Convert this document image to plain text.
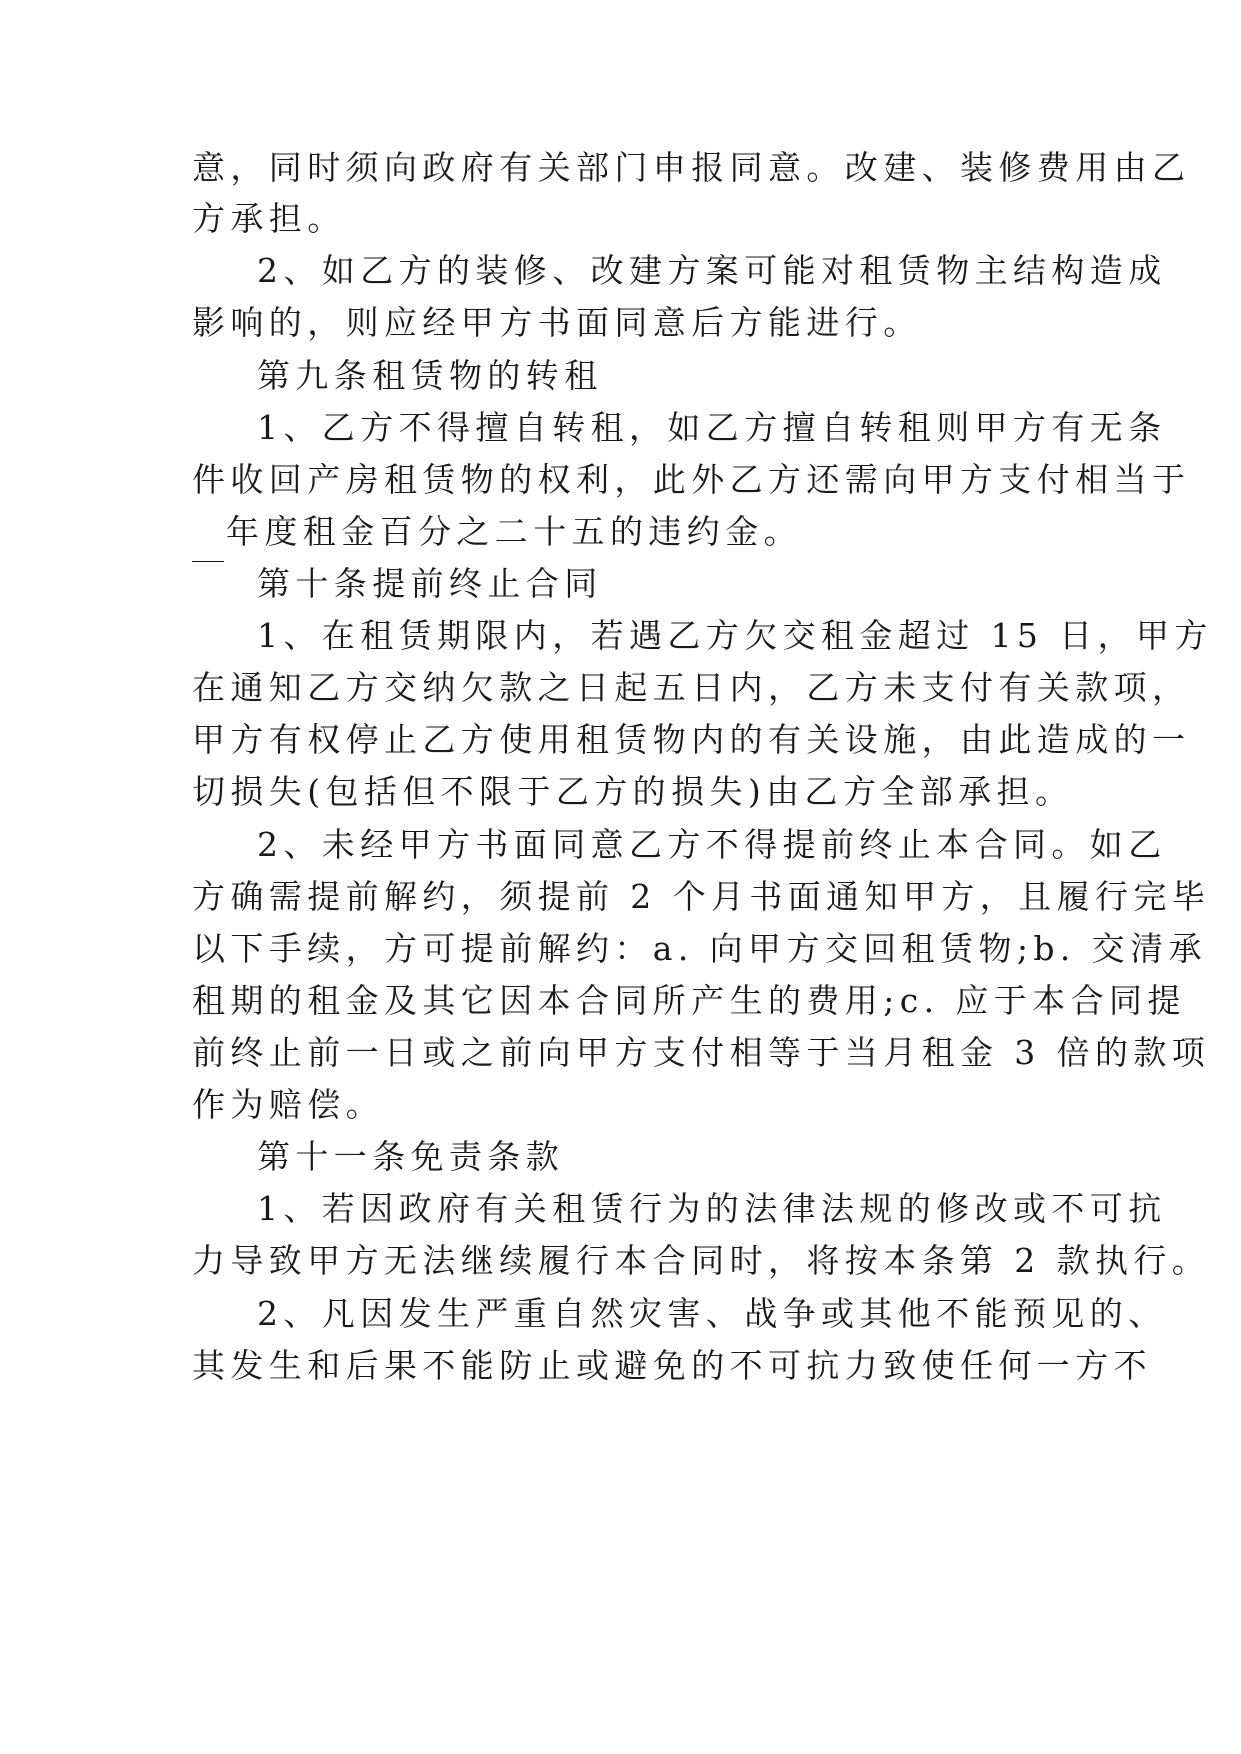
意，同时须向政府有关部门申报同意。改建、装修费用由乙
方承担。
2、如乙方的装修、改建方案可能对租赁物主结构造成
影响的，则应经甲方书面同意后方能进行。
第九条租赁物的转租
1、乙方不得擅自转租，如乙方擅自转租则甲方有无条
件收回产房租赁物的权利，此外乙方还需向甲方支付相当于
年度租金百分之二十五的违约金。
第十条提前终止合同
1、在租赁期限内，若遇乙方欠交租金超过 15 日，甲方
在通知乙方交纳欠款之日起五日内，乙方未支付有关款项，
甲方有权停止乙方使用租赁物内的有关设施，由此造成的一
切损失(包括但不限于乙方的损失)由乙方全部承担。
2、未经甲方书面同意乙方不得提前终止本合同。如乙
方确需提前解约，须提前 2 个月书面通知甲方，且履行完毕
以下手续，方可提前解约：a. 向甲方交回租赁物;b. 交清承
租期的租金及其它因本合同所产生的费用;c. 应于本合同提
前终止前一日或之前向甲方支付相等于当月租金 3 倍的款项
作为赔偿。
第十一条免责条款
1、若因政府有关租赁行为的法律法规的修改或不可抗
力导致甲方无法继续履行本合同时，将按本条第 2 款执行。
2、凡因发生严重自然灾害、战争或其他不能预见的、
其发生和后果不能防止或避免的不可抗力致使任何一方不
